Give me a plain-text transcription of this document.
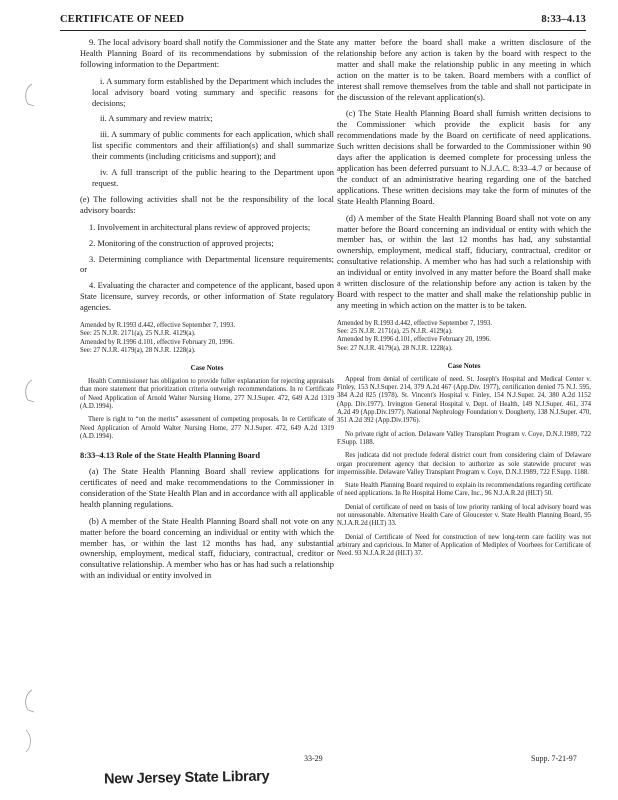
CERTIFICATE OF NEED	8:33–4.13

9. The local advisory board shall notify the Commissioner and the State Health Planning Board of its recommendations by submission of the following information to the Department:

i. A summary form established by the Department which includes the local advisory board voting summary and specific reasons for decisions;

ii. A summary and review matrix;

iii. A summary of public comments for each application, which shall list specific commentors and their affiliation(s) and shall summarize their comments (including criticisms and support); and

iv. A full transcript of the public hearing to the Department upon request.

(e) The following activities shall not be the responsibility of the local advisory boards:

1. Involvement in architectural plans review of approved projects;

2. Monitoring of the construction of approved projects;

3. Determining compliance with Departmental licensure requirements; or

4. Evaluating the character and competence of the applicant, based upon State licensure, survey records, or other information of State regulatory agencies.

Amended by R.1993 d.442, effective September 7, 1993.

See: 25 N.J.R. 2171(a), 25 N.J.R. 4129(a).

Amended by R.1996 d.101, effective February 20, 1996.

See: 27 N.J.R. 4179(a), 28 N.J.R. 1228(a).

Case Notes

Health Commissioner has obligation to provide fuller explanation for rejecting appraisals than more statement that prioritization criteria outweigh recommendations. In re Certificate of Need Application of Arnold Walter Nursing Home, 277 N.J.Super. 472, 649 A.2d 1319 (A.D.1994).

There is right to “on the merits” assessment of competing proposals. In re Certificate of Need Application of Arnold Walter Nursing Home, 277 N.J.Super. 472, 649 A.2d 1319 (A.D.1994).

8:33–4.13 Role of the State Health Planning Board

(a) The State Health Planning Board shall review applications for certificates of need and make recommendations to the Commissioner in consideration of the State Health Plan and in accordance with all applicable health planning regulations.

(b) A member of the State Health Planning Board shall not vote on any matter before the board concerning an individual or entity with which the member has, or within the last 12 months has had, any substantial ownership, employment, medical staff, fiduciary, contractual, creditor or consultative relationship. A member who has or has had such a relationship with an individual or entity involved in

any matter before the board shall make a written disclosure of the relationship before any action is taken by the board with respect to the matter and shall make the relationship public in any meeting in which action on the matter is to be taken. Board members with a conflict of interest shall remove themselves from the table and shall not participate in the discussion of the relevant application(s).

(c) The State Health Planning Board shall furnish written decisions to the Commissioner which provide the explicit basis for any recommendations made by the Board on certificate of need applications. Such written decisions shall be forwarded to the Commissioner within 90 days after the application is deemed complete for processing unless the application has been deferred pursuant to N.J.A.C. 8:33–4.7 or because of the conduct of an administrative hearing regarding one of the batched applications. These written decisions may take the form of minutes of the State Health Planning Board.

(d) A member of the State Health Planning Board shall not vote on any matter before the Board concerning an individual or entity with which the member has, or within the last 12 months has had, any substantial ownership, employment, medical staff, fiduciary, contractual, creditor or consultative relationship. A member who has had such a relationship with an individual or entity involved in any matter before the Board shall make a written disclosure of the relationship before any action is taken by the Board with respect to the matter and shall make the relationship public in any meeting in which action on the matter is to be taken.

Amended by R.1993 d.442, effective September 7, 1993.

See: 25 N.J.R. 2171(a), 25 N.J.R. 4129(a).

Amended by R.1996 d.101, effective February 20, 1996.

See: 27 N.J.R. 4179(a), 28 N.J.R. 1228(a).

Case Notes

Appeal from denial of certificate of need. St. Joseph's Hospital and Medical Center v. Finley, 153 N.J.Super. 214, 379 A.2d 467 (App.Div. 1977), certification denied 75 N.J. 595, 384 A.2d 825 (1978). St. Vincent's Hospital v. Finley, 154 N.J.Super. 24, 380 A.2d 1152 (App. Div.1977). Irvington General Hospital v. Dept. of Health, 149 N.J.Super. 461, 374 A.2d 49 (App.Div.1977). National Nephrology Foundation v. Dougherty, 138 N.J.Super. 470, 351 A.2d 392 (App.Div.1976).

No private right of action. Delaware Valley Transplant Program v. Coye, D.N.J.1989, 722 F.Supp. 1188.

Res judicata did not preclude federal district court from considering claim of Delaware organ procurement agency that decision to authorize as sole statewide procurer was impermissible. Delaware Valley Transplant Program v. Coye, D.N.J.1989, 722 F.Supp. 1188.

State Health Planning Board required to explain its recommendations regarding certificate of need applications. In Re Hospital Home Care, Inc., 96 N.J.A.R.2d (HLT) 50.

Denial of certificate of need on basis of low priority ranking of local advisory board was not unreasonable. Alternative Health Care of Gloucester v. State Health Planning Board, 95 N.J.A.R.2d (HLT) 33.

Denial of Certificate of Need for construction of new long-term care facility was not arbitrary and capricious. In Matter of Application of Mediplex of Voorhees for Certificate of Need. 93 N.J.A.R.2d (HLT) 37.

33-29	Supp. 7-21-97
New Jersey State Library
